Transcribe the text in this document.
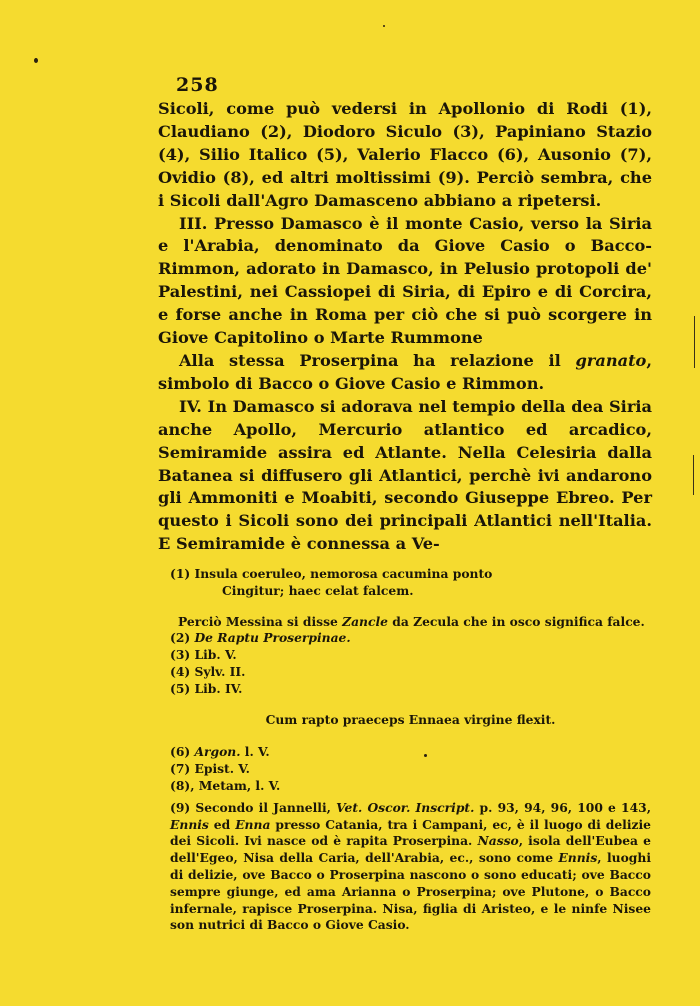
258

Sicoli, come può vedersi in Apollonio di Rodi (1), Claudiano (2), Diodoro Siculo (3), Papiniano Stazio (4), Silio Italico (5), Valerio Flacco (6), Ausonio (7), Ovidio (8), ed altri moltissimi (9). Perciò sembra, che i Sicoli dall'Agro Damasceno abbiano a ripetersi.

III. Presso Damasco è il monte Casio, verso la Siria e l'Arabia, denominato da Giove Casio o Bacco-Rimmon, adorato in Damasco, in Pelusio protopoli de' Palestini, nei Cassiopei di Siria, di Epiro e di Corcira, e forse anche in Roma per ciò che si può scorgere in Giove Capitolino o Marte Rummone

Alla stessa Proserpina ha relazione il granato, simbolo di Bacco o Giove Casio e Rimmon.

IV. In Damasco si adorava nel tempio della dea Siria anche Apollo, Mercurio atlantico ed arcadico, Semiramide assira ed Atlante. Nella Celesiria dalla Batanea si diffusero gli Atlantici, perchè ivi andarono gli Ammoniti e Moabiti, secondo Giuseppe Ebreo. Per questo i Sicoli sono dei principali Atlantici nell'Italia. E Semiramide è connessa a Ve-

(1) Insula coeruleo, nemorosa cacumina ponto

Cingitur; haec celat falcem.

Perciò Messina si disse Zancle da Zecula che in osco significa falce.

(2) De Raptu Proserpinae.

(3) Lib. V.

(4) Sylv. II.

(5) Lib. IV.

Cum rapto praeceps Ennaea virgine flexit.

(6) Argon. l. V.

(7) Epist. V.

(8), Metam, l. V.

(9) Secondo il Jannelli, Vet. Oscor. Inscript. p. 93, 94, 96, 100 e 143, Ennis ed Enna presso Catania, tra i Campani, ec, è il luogo di delizie dei Sicoli. Ivi nasce od è rapita Proserpina. Nasso, isola dell'Eubea e dell'Egeo, Nisa della Caria, dell'Arabia, ec., sono come Ennis, luoghi di delizie, ove Bacco o Proserpina nascono o sono educati; ove Bacco sempre giunge, ed ama Arianna o Proserpina; ove Plutone, o Bacco infernale, rapisce Proserpina. Nisa, figlia di Aristeo, e le ninfe Nisee son nutrici di Bacco o Giove Casio.
